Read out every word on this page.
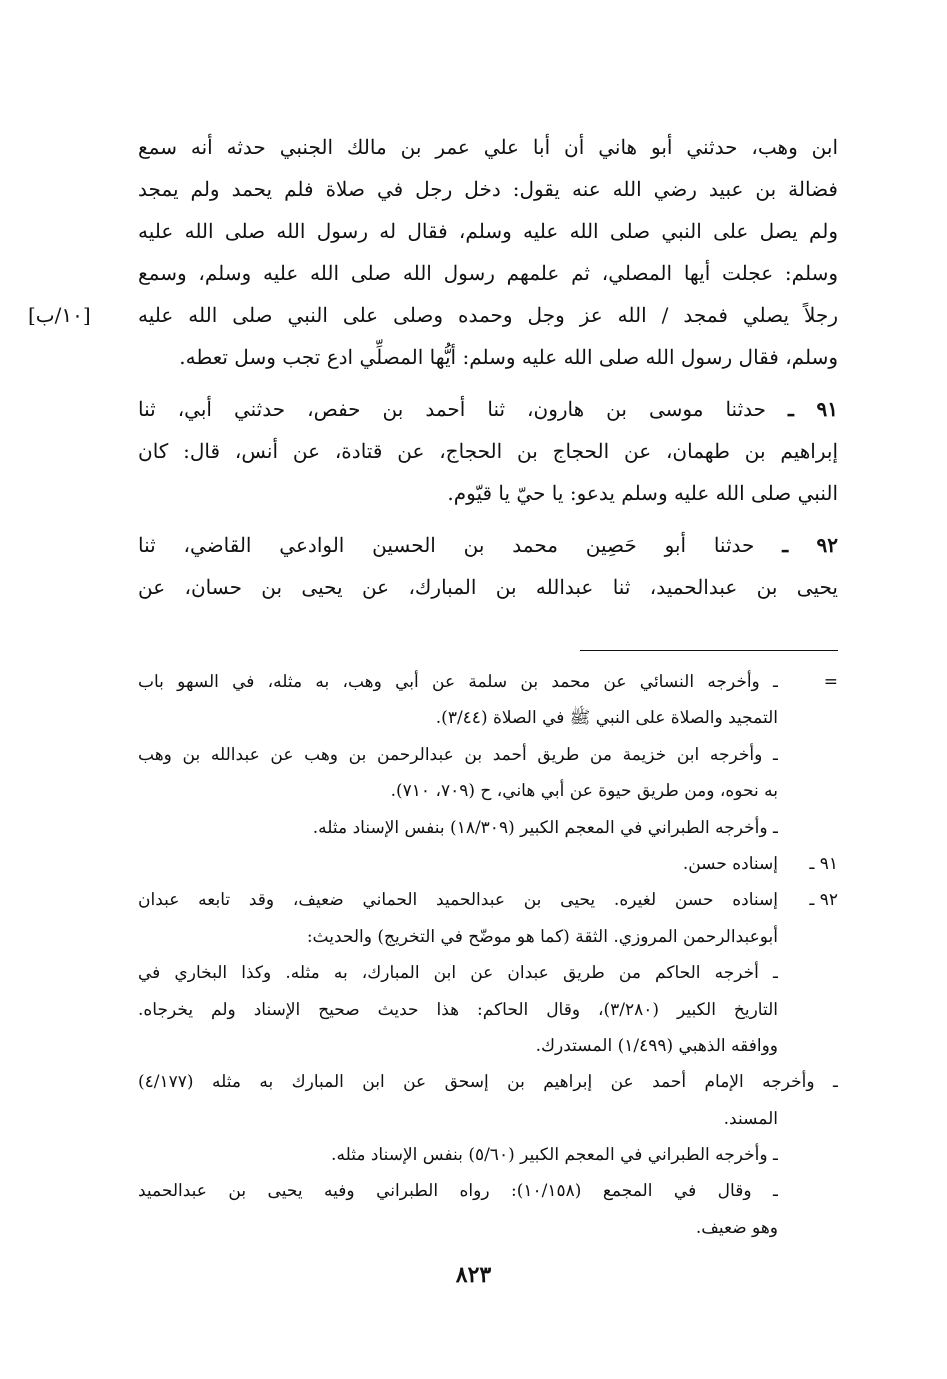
ابن وهب، حدثني أبو هاني أن أبا علي عمر بن مالك الجنبي حدثه أنه سمع
فضالة بن عبيد رضي الله عنه يقول: دخل رجل في صلاة فلم يحمد ولم يمجد
ولم يصل على النبي صلى الله عليه وسلم، فقال له رسول الله صلى الله عليه
وسلم: عجلت أيها المصلي، ثم علمهم رسول الله صلى الله عليه وسلم، وسمع
رجلاً يصلي فمجد / الله عز وجل وحمده وصلى على النبي صلى الله عليه
وسلم، فقال رسول الله صلى الله عليه وسلم: أيُّها المصلِّي ادع تجب وسل تعطه.
٩١ ـ حدثنا موسى بن هارون، ثنا أحمد بن حفص، حدثني أبي، ثنا
إبراهيم بن طهمان، عن الحجاج بن الحجاج، عن قتادة، عن أنس، قال: كان
النبي صلى الله عليه وسلم يدعو: يا حيّ يا قيّوم.
٩٢ ـ حدثنا أبو حَصِين محمد بن الحسين الوادعي القاضي، ثنا
يحيى بن عبدالحميد، ثنا عبدالله بن المبارك، عن يحيى بن حسان، عن
[١٠/ب]
=
ـ وأخرجه النسائي عن محمد بن سلمة عن أبي وهب، به مثله، في السهو باب
التمجيد والصلاة على النبي ﷺ في الصلاة (٣/٤٤).
ـ وأخرجه ابن خزيمة من طريق أحمد بن عبدالرحمن بن وهب عن عبدالله بن وهب
به نحوه، ومن طريق حيوة عن أبي هاني، ح (٧٠٩، ٧١٠).
ـ وأخرجه الطبراني في المعجم الكبير (١٨/٣٠٩) بنفس الإسناد مثله.
٩١ ـ
إسناده حسن.
٩٢ ـ
إسناده حسن لغيره. يحيى بن عبدالحميد الحماني ضعيف، وقد تابعه عبدان
أبوعبدالرحمن المروزي. الثقة (كما هو موضّح في التخريج) والحديث:
ـ أخرجه الحاكم من طريق عبدان عن ابن المبارك، به مثله. وكذا البخاري في
التاريخ الكبير (٣/٢٨٠)، وقال الحاكم: هذا حديث صحيح الإسناد ولم يخرجاه.
ووافقه الذهبي (١/٤٩٩) المستدرك.
ـ وأخرجه الإمام أحمد عن إبراهيم بن إسحق عن ابن المبارك به مثله (٤/١٧٧)
المسند.
ـ وأخرجه الطبراني في المعجم الكبير (٥/٦٠) بنفس الإسناد مثله.
ـ وقال في المجمع (١٠/١٥٨): رواه الطبراني وفيه يحيى بن عبدالحميد
وهو ضعيف.
٨٢٣
